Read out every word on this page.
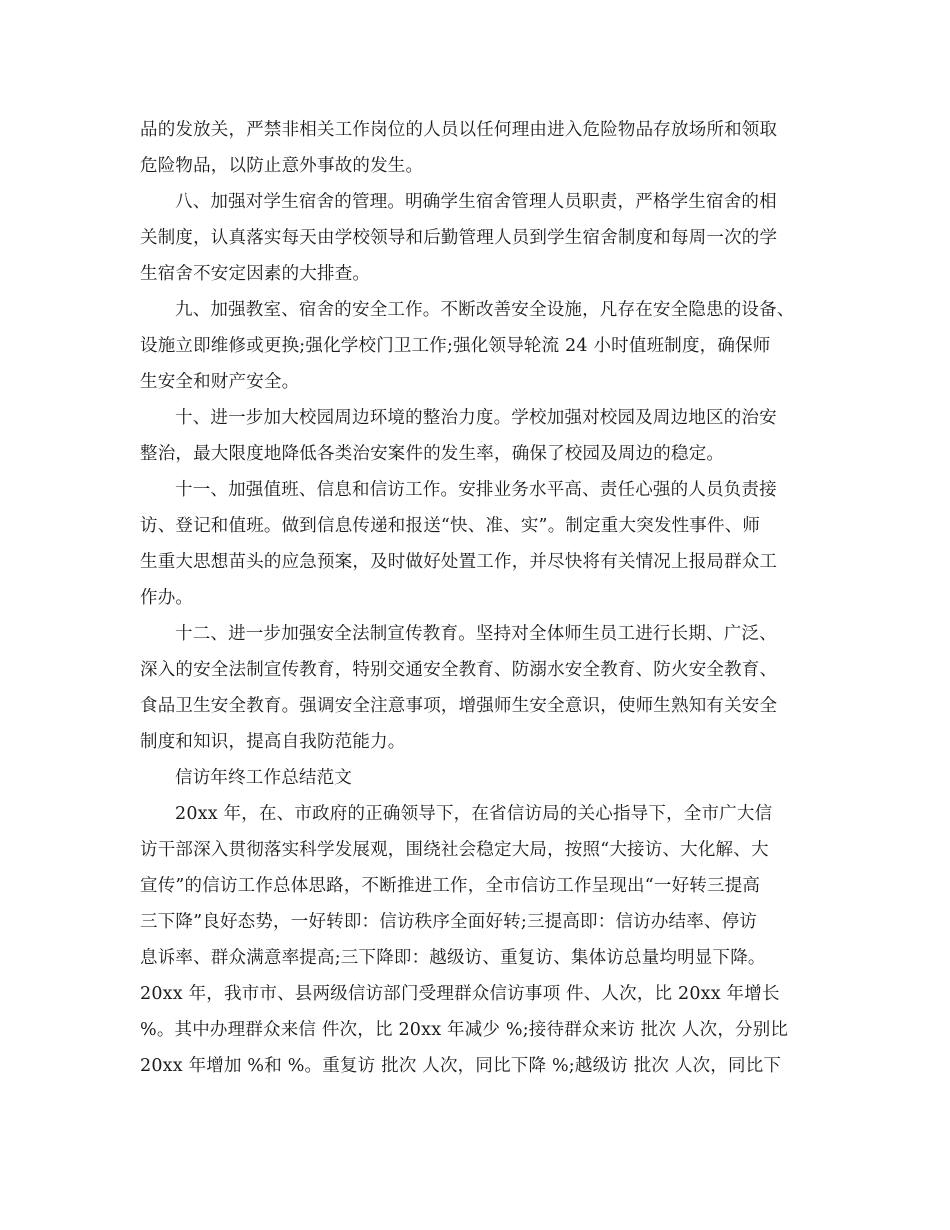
品的发放关，严禁非相关工作岗位的人员以任何理由进入危险物品存放场所和领取
危险物品，以防止意外事故的发生。
八、加强对学生宿舍的管理。明确学生宿舍管理人员职责，严格学生宿舍的相
关制度，认真落实每天由学校领导和后勤管理人员到学生宿舍制度和每周一次的学
生宿舍不安定因素的大排查。
九、加强教室、宿舍的安全工作。不断改善安全设施，凡存在安全隐患的设备、
设施立即维修或更换;强化学校门卫工作;强化领导轮流 24 小时值班制度，确保师
生安全和财产安全。
十、进一步加大校园周边环境的整治力度。学校加强对校园及周边地区的治安
整治，最大限度地降低各类治安案件的发生率，确保了校园及周边的稳定。
十一、加强值班、信息和信访工作。安排业务水平高、责任心强的人员负责接
访、登记和值班。做到信息传递和报送“快、准、实”。制定重大突发性事件、师
生重大思想苗头的应急预案，及时做好处置工作，并尽快将有关情况上报局群众工
作办。
十二、进一步加强安全法制宣传教育。坚持对全体师生员工进行长期、广泛、
深入的安全法制宣传教育，特别交通安全教育、防溺水安全教育、防火安全教育、
食品卫生安全教育。强调安全注意事项，增强师生安全意识，使师生熟知有关安全
制度和知识，提高自我防范能力。
信访年终工作总结范文
20xx 年，在、市政府的正确领导下，在省信访局的关心指导下，全市广大信
访干部深入贯彻落实科学发展观，围绕社会稳定大局，按照“大接访、大化解、大
宣传”的信访工作总体思路，不断推进工作，全市信访工作呈现出“一好转三提高
三下降”良好态势，一好转即：信访秩序全面好转;三提高即：信访办结率、停访
息诉率、群众满意率提高;三下降即：越级访、重复访、集体访总量均明显下降。
20xx 年，我市市、县两级信访部门受理群众信访事项 件、人次，比 20xx 年增长
%。其中办理群众来信 件次，比 20xx 年减少 %;接待群众来访 批次 人次，分别比
20xx 年增加 %和 %。重复访 批次 人次，同比下降 %;越级访 批次 人次，同比下
